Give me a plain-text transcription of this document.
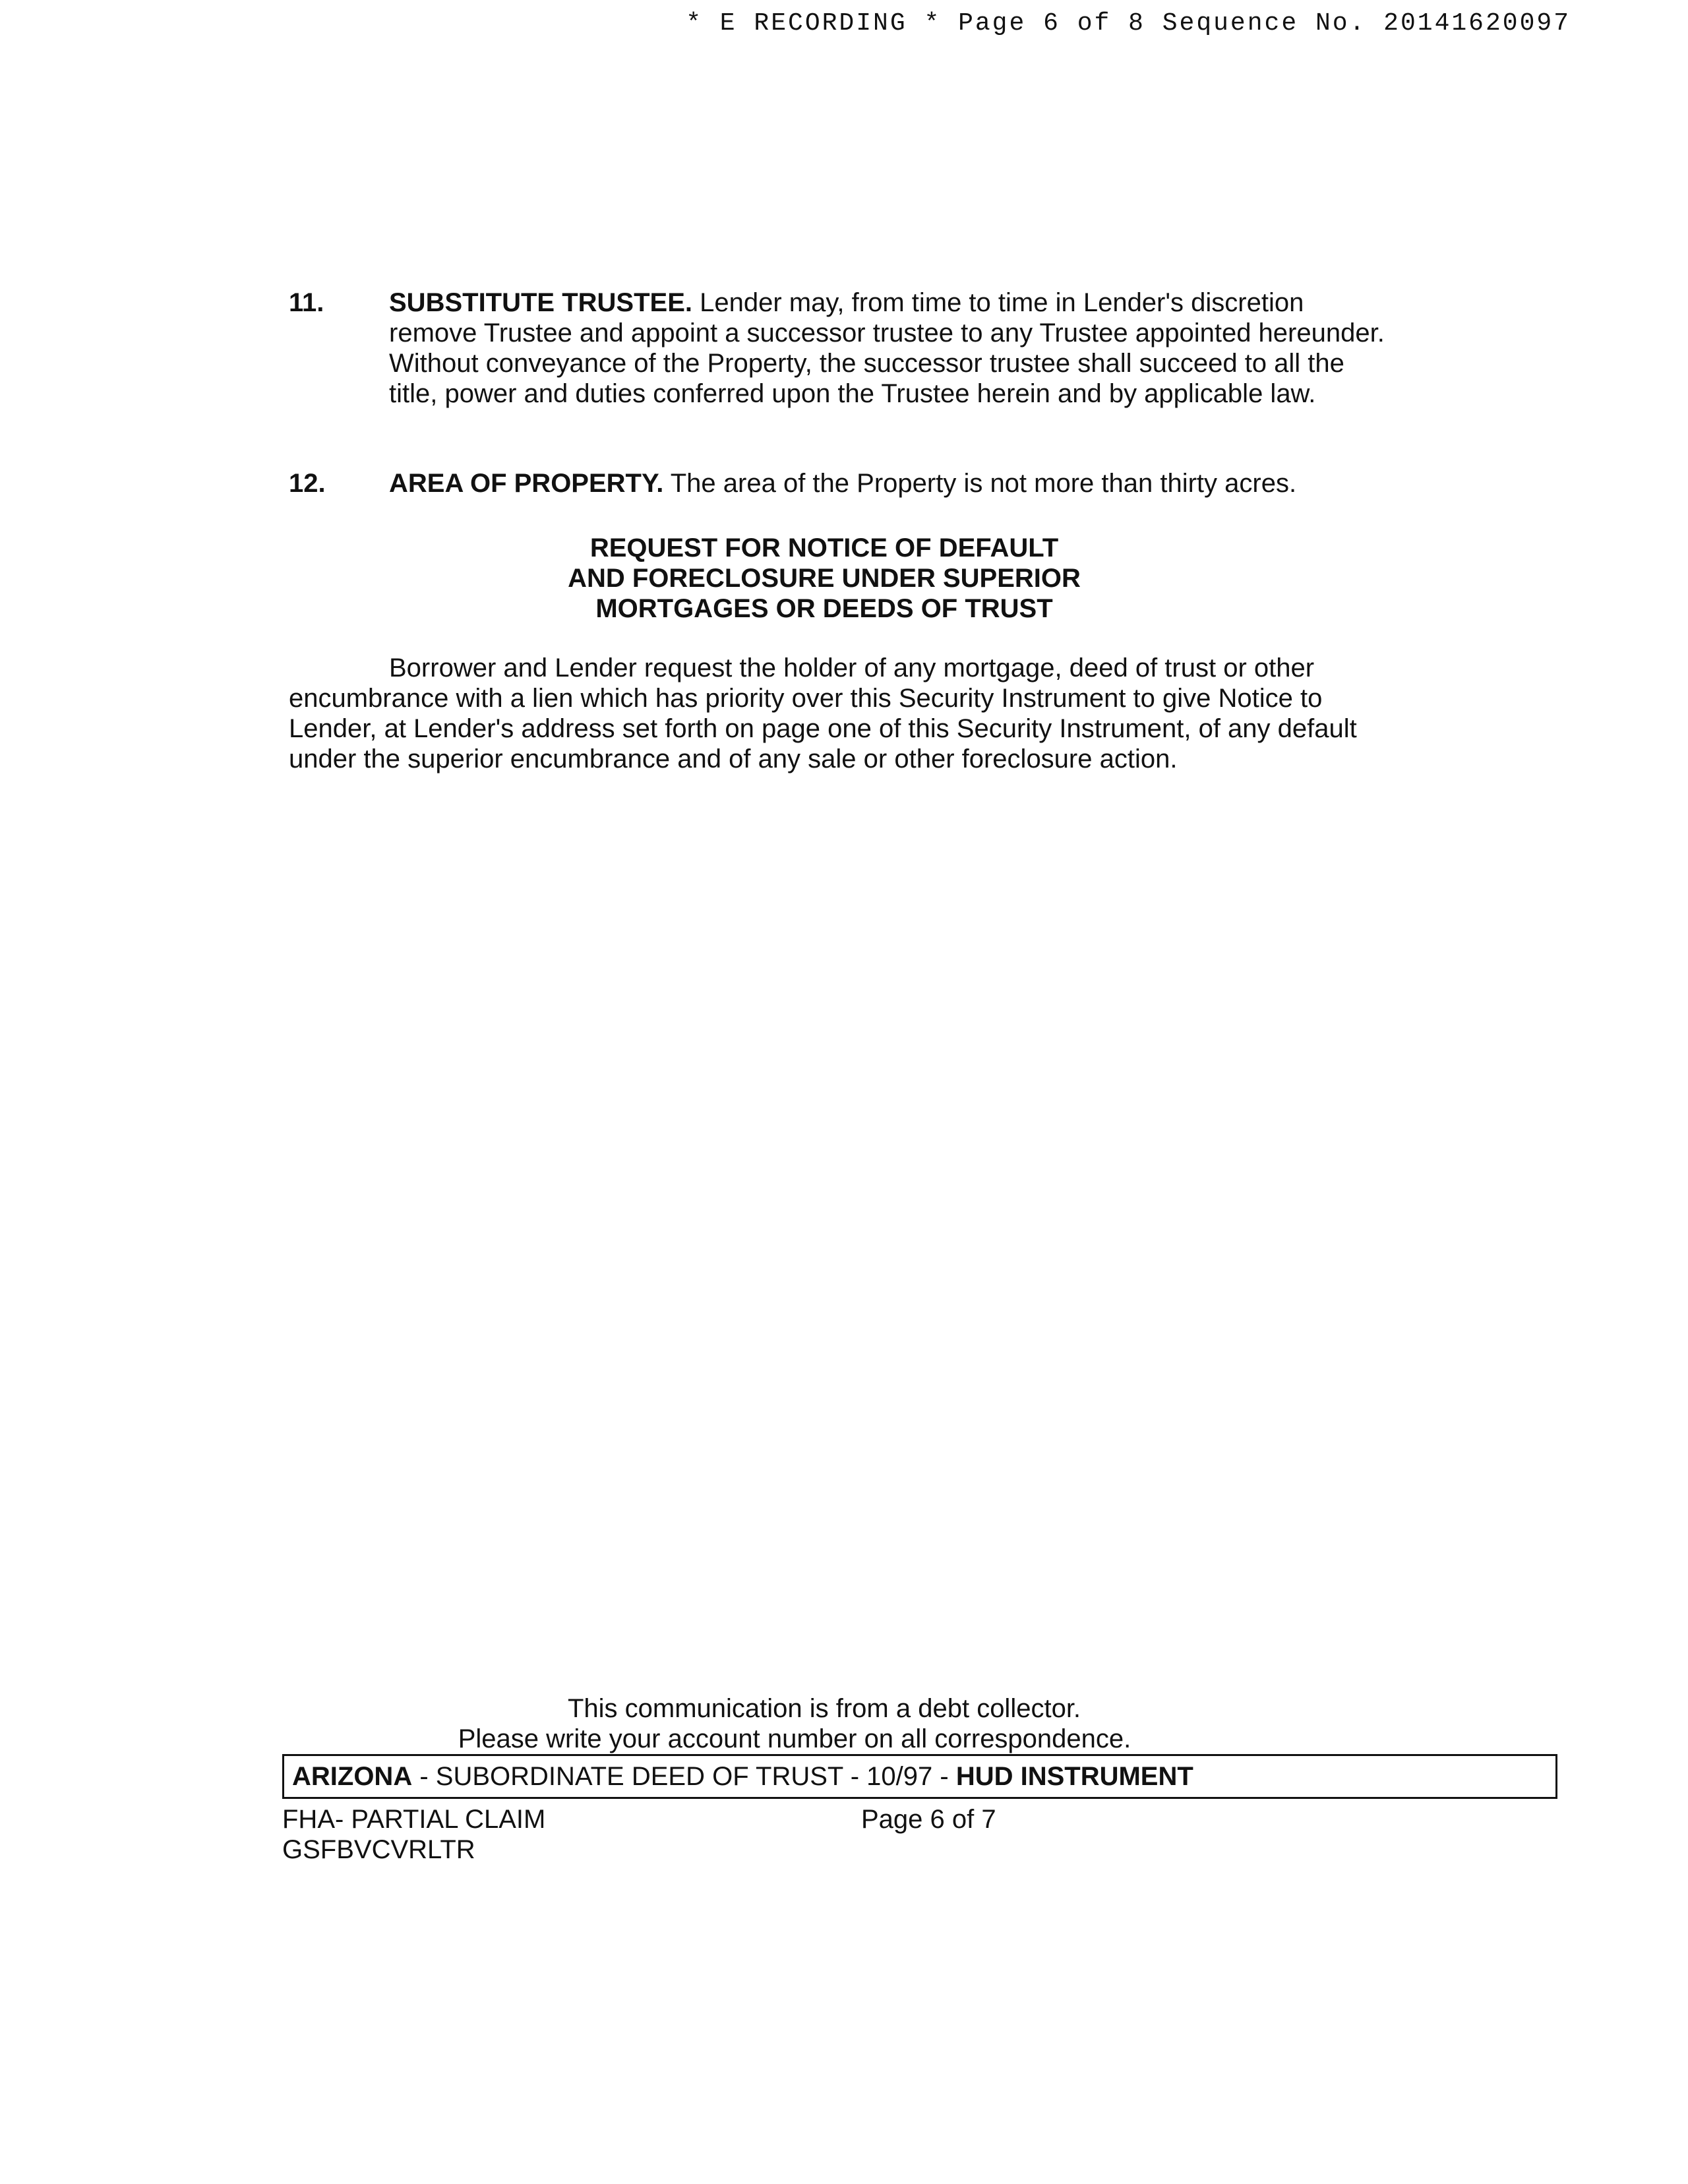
* E RECORDING * Page 6 of 8 Sequence No. 20141620097
11. SUBSTITUTE TRUSTEE. Lender may, from time to time in Lender's discretion remove Trustee and appoint a successor trustee to any Trustee appointed hereunder. Without conveyance of the Property, the successor trustee shall succeed to all the title, power and duties conferred upon the Trustee herein and by applicable law.
12. AREA OF PROPERTY. The area of the Property is not more than thirty acres.
REQUEST FOR NOTICE OF DEFAULT
AND FORECLOSURE UNDER SUPERIOR
MORTGAGES OR DEEDS OF TRUST
Borrower and Lender request the holder of any mortgage, deed of trust or other encumbrance with a lien which has priority over this Security Instrument to give Notice to Lender, at Lender's address set forth on page one of this Security Instrument, of any default under the superior encumbrance and of any sale or other foreclosure action.
This communication is from a debt collector.
Please write your account number on all correspondence.
ARIZONA - SUBORDINATE DEED OF TRUST - 10/97 - HUD INSTRUMENT
FHA- PARTIAL CLAIM
GSFBVCVRLTR
Page 6 of 7
